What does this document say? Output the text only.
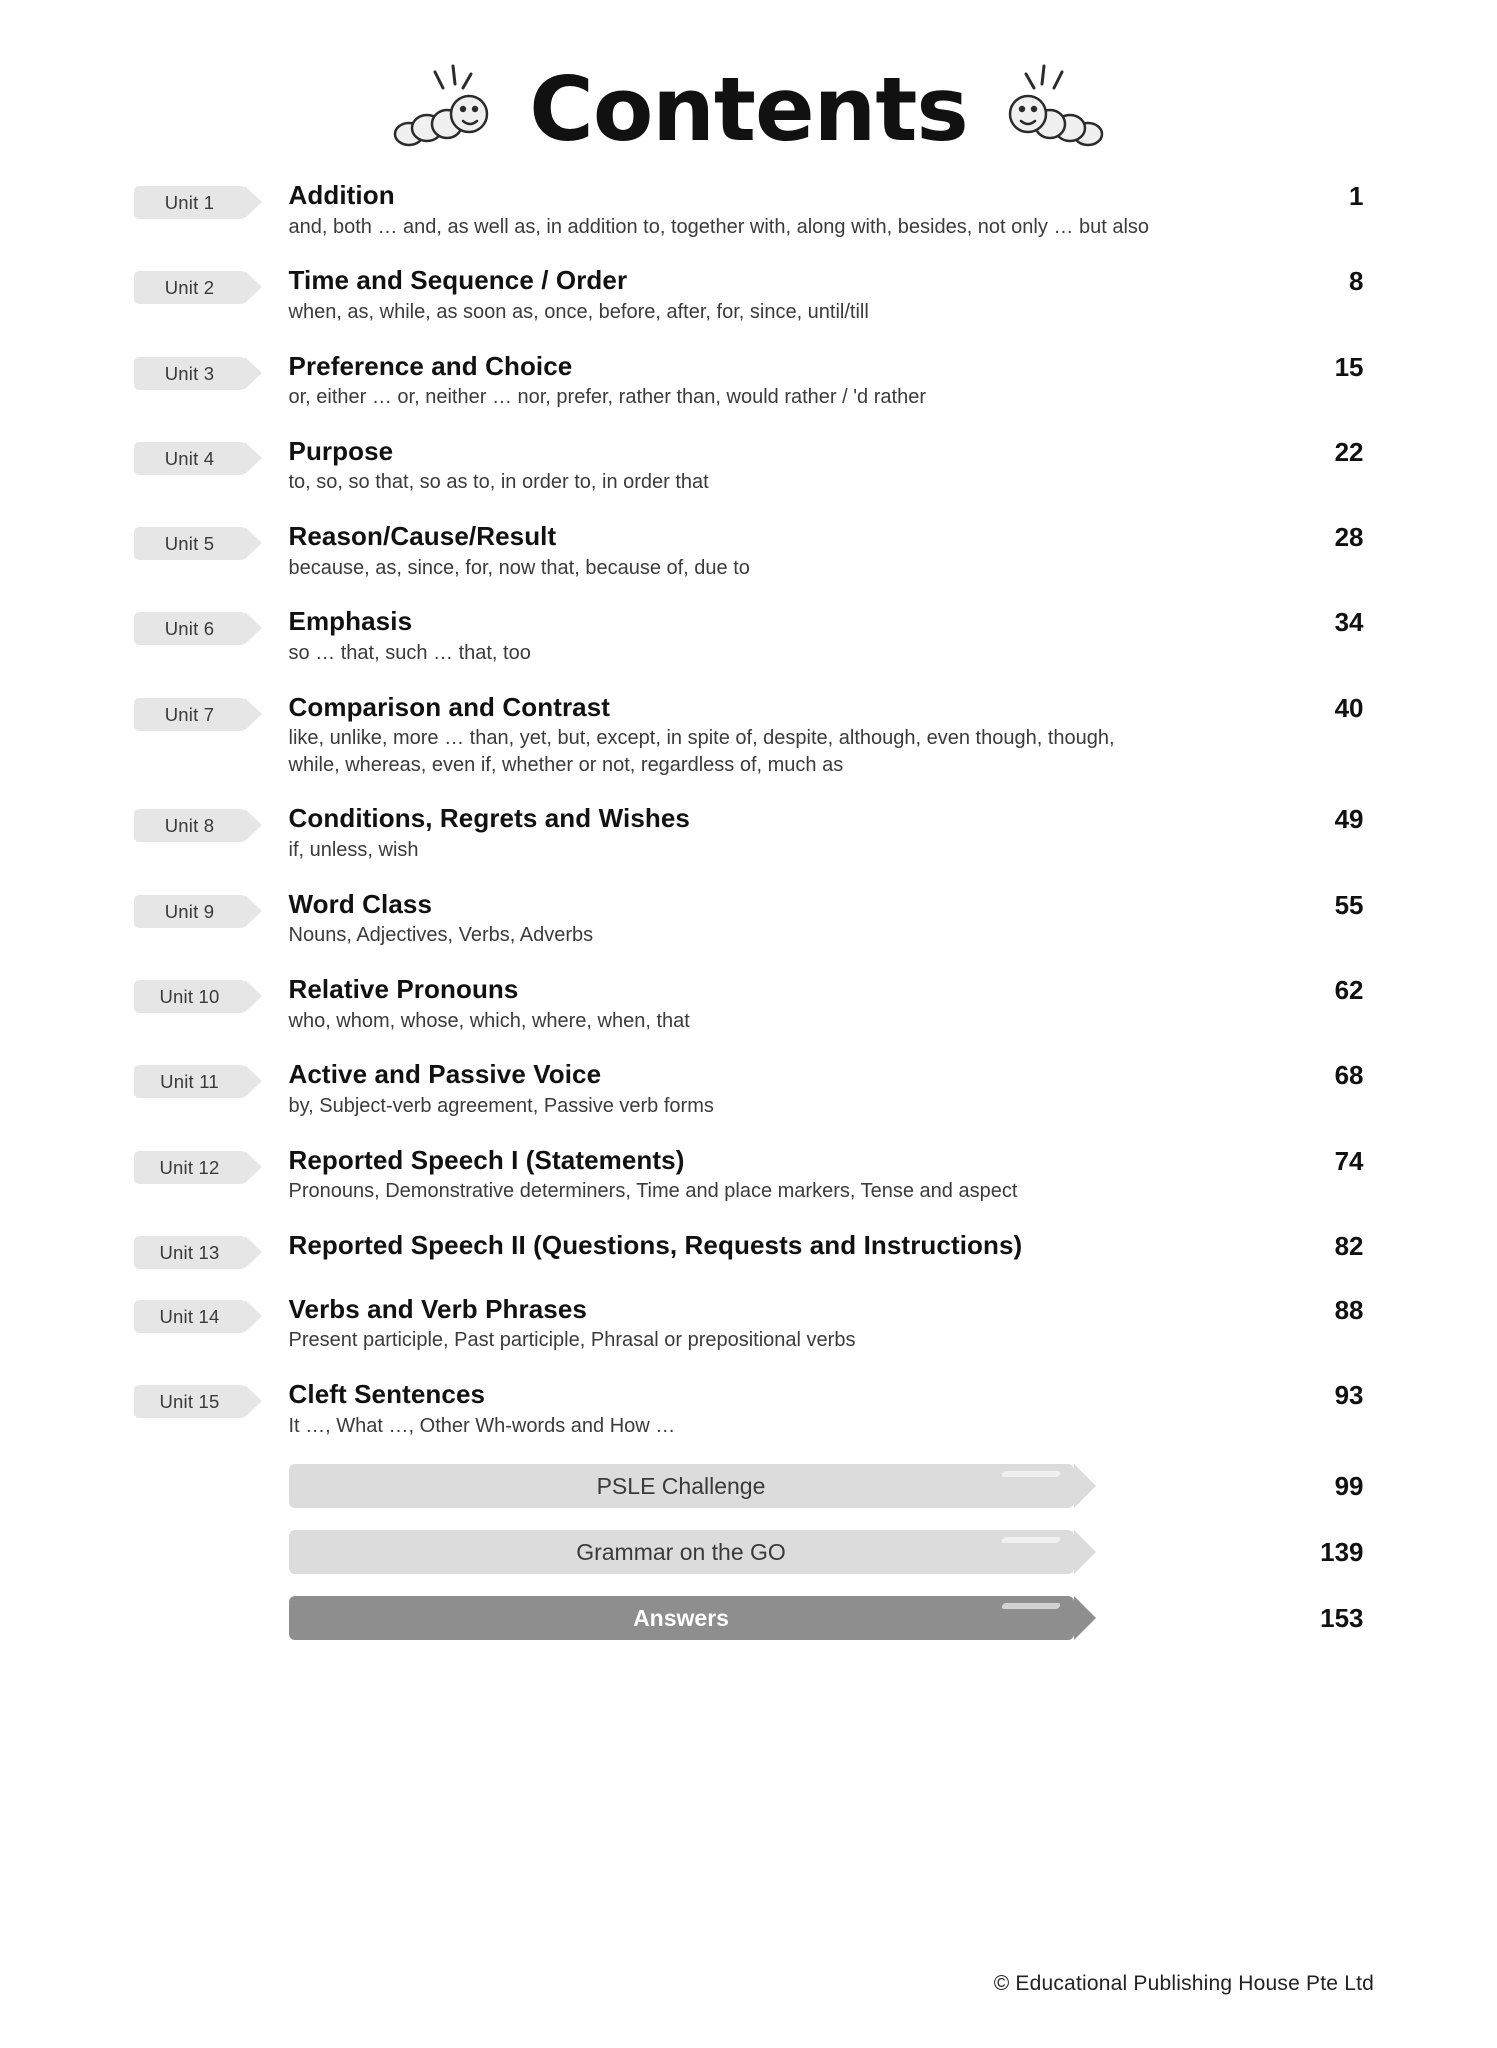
Contents
Unit 1	Addition
and, both … and, as well as, in addition to, together with, along with, besides, not only … but also
1
Unit 2	Time and Sequence / Order
when, as, while, as soon as, once, before, after, for, since, until/till
8
Unit 3	Preference and Choice
or, either … or, neither … nor, prefer, rather than, would rather / 'd rather
15
Unit 4	Purpose
to, so, so that, so as to, in order to, in order that
22
Unit 5	Reason/Cause/Result
because, as, since, for, now that, because of, due to
28
Unit 6	Emphasis
so … that, such … that, too
34
Unit 7	Comparison and Contrast
like, unlike, more … than, yet, but, except, in spite of, despite, although, even though, though, while, whereas, even if, whether or not, regardless of, much as
40
Unit 8	Conditions, Regrets and Wishes
if, unless, wish
49
Unit 9	Word Class
Nouns, Adjectives, Verbs, Adverbs
55
Unit 10	Relative Pronouns
who, whom, whose, which, where, when, that
62
Unit 11	Active and Passive Voice
by, Subject-verb agreement, Passive verb forms
68
Unit 12	Reported Speech I (Statements)
Pronouns, Demonstrative determiners, Time and place markers, Tense and aspect
74
Unit 13	Reported Speech II (Questions, Requests and Instructions)	82
Unit 14	Verbs and Verb Phrases
Present participle, Past participle, Phrasal or prepositional verbs
88
Unit 15	Cleft Sentences
It …, What …, Other Wh-words and How …
93
PSLE Challenge	99
Grammar on the GO	139
Answers	153
© Educational Publishing House Pte Ltd
